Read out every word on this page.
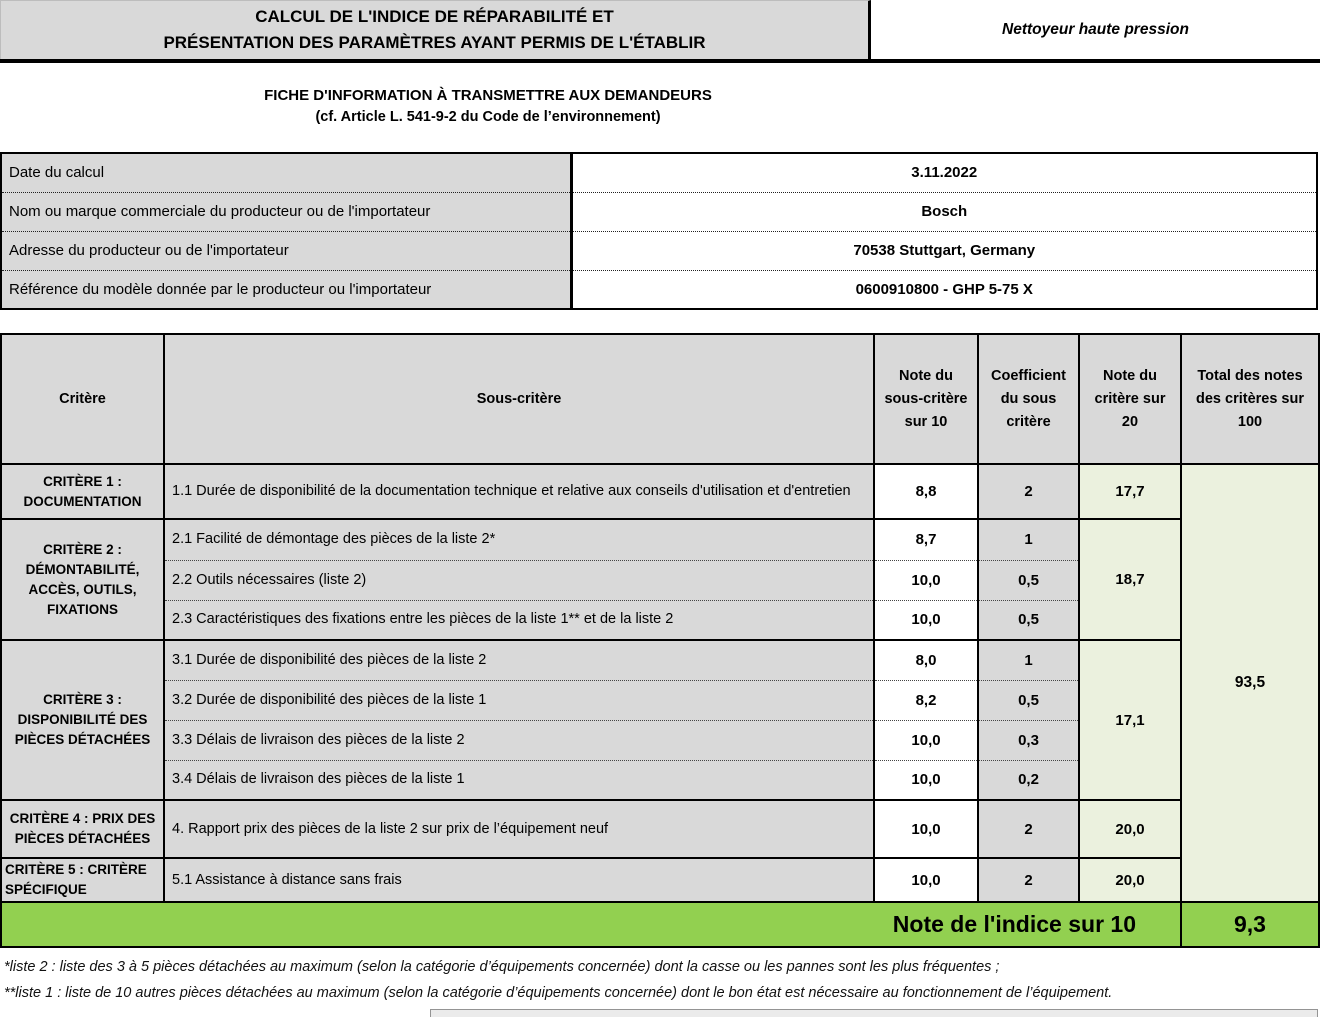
CALCUL DE L'INDICE DE RÉPARABILITÉ ET
PRÉSENTATION DES PARAMÈTRES AYANT PERMIS DE L'ÉTABLIR
Nettoyeur haute pression
FICHE D'INFORMATION À TRANSMETTRE AUX DEMANDEURS
(cf. Article L. 541-9-2 du Code de l’environnement)
Date du calcul	3.11.2022
Nom ou marque commerciale du producteur ou de l'importateur	Bosch
Adresse du producteur ou de l'importateur	70538 Stuttgart, Germany
Référence du modèle donnée par le producteur ou l'importateur	0600910800 - GHP 5-75 X
Critère	Sous-critère	Note du sous-critère sur 10	Coefficient du sous critère	Note du critère sur 20	Total des notes des critères sur 100
CRITÈRE 1 : DOCUMENTATION	1.1 Durée de disponibilité de la documentation technique et relative aux conseils d'utilisation et d'entretien	8,8	2	17,7	93,5
CRITÈRE 2 : DÉMONTABILITÉ, ACCÈS, OUTILS, FIXATIONS	2.1 Facilité de démontage des pièces de la liste 2*	8,7	1	18,7	
	2.2 Outils nécessaires (liste 2)	10,0	0,5		
	2.3 Caractéristiques des fixations entre les pièces de la liste 1** et de la liste 2	10,0	0,5		
CRITÈRE 3 : DISPONIBILITÉ DES PIÈCES DÉTACHÉES	3.1 Durée de disponibilité des pièces de la liste 2	8,0	1	17,1	
	3.2 Durée de disponibilité des pièces de la liste 1	8,2	0,5		
	3.3 Délais de livraison des pièces de la liste 2	10,0	0,3		
	3.4 Délais de livraison des pièces de la liste 1	10,0	0,2		
CRITÈRE 4 : PRIX DES PIÈCES DÉTACHÉES	4. Rapport prix des pièces de la liste 2 sur prix de l’équipement neuf	10,0	2	20,0	
CRITÈRE 5 : CRITÈRE SPÉCIFIQUE	5.1 Assistance à distance sans frais	10,0	2	20,0	
Note de l'indice sur 10					9,3
*liste 2 : liste des 3 à 5 pièces détachées au maximum (selon la catégorie d’équipements concernée) dont la casse ou les pannes sont les plus fréquentes ;
**liste 1 : liste de 10 autres pièces détachées au maximum (selon la catégorie d’équipements concernée) dont le bon état est nécessaire au fonctionnement de l’équipement.
